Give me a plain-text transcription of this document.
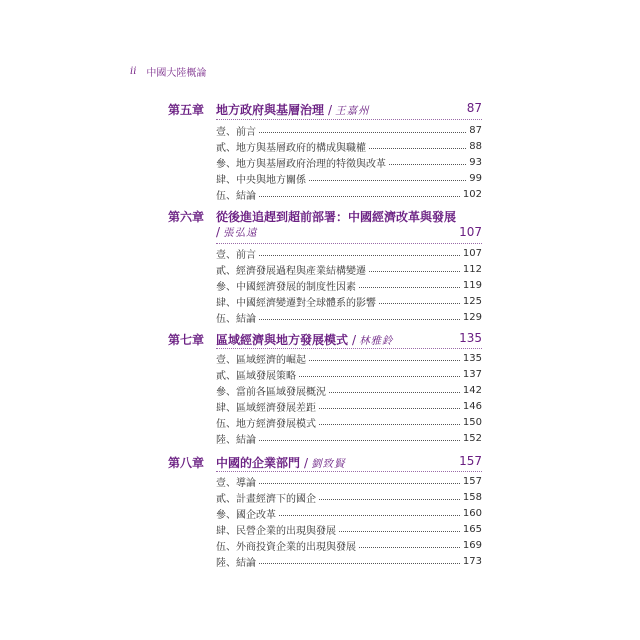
ii 中國大陸概論
第五章 地方政府與基層治理 / 王嘉州	87
壹、前言	87
貳、地方與基層政府的構成與職權	88
參、地方與基層政府治理的特徵與改革	93
肆、中央與地方關係	99
伍、結論	102
第六章 從後進追趕到超前部署：中國經濟改革與發展
/ 張弘遠	107
壹、前言	107
貳、經濟發展過程與產業結構變遷	112
參、中國經濟發展的制度性因素	119
肆、中國經濟變遷對全球體系的影響	125
伍、結論	129
第七章 區域經濟與地方發展模式 / 林雅鈴	135
壹、區域經濟的崛起	135
貳、區域發展策略	137
參、當前各區域發展概況	142
肆、區域經濟發展差距	146
伍、地方經濟發展模式	150
陸、結論	152
第八章 中國的企業部門 / 劉致賢	157
壹、導論	157
貳、計畫經濟下的國企	158
參、國企改革	160
肆、民營企業的出現與發展	165
伍、外商投資企業的出現與發展	169
陸、結論	173
